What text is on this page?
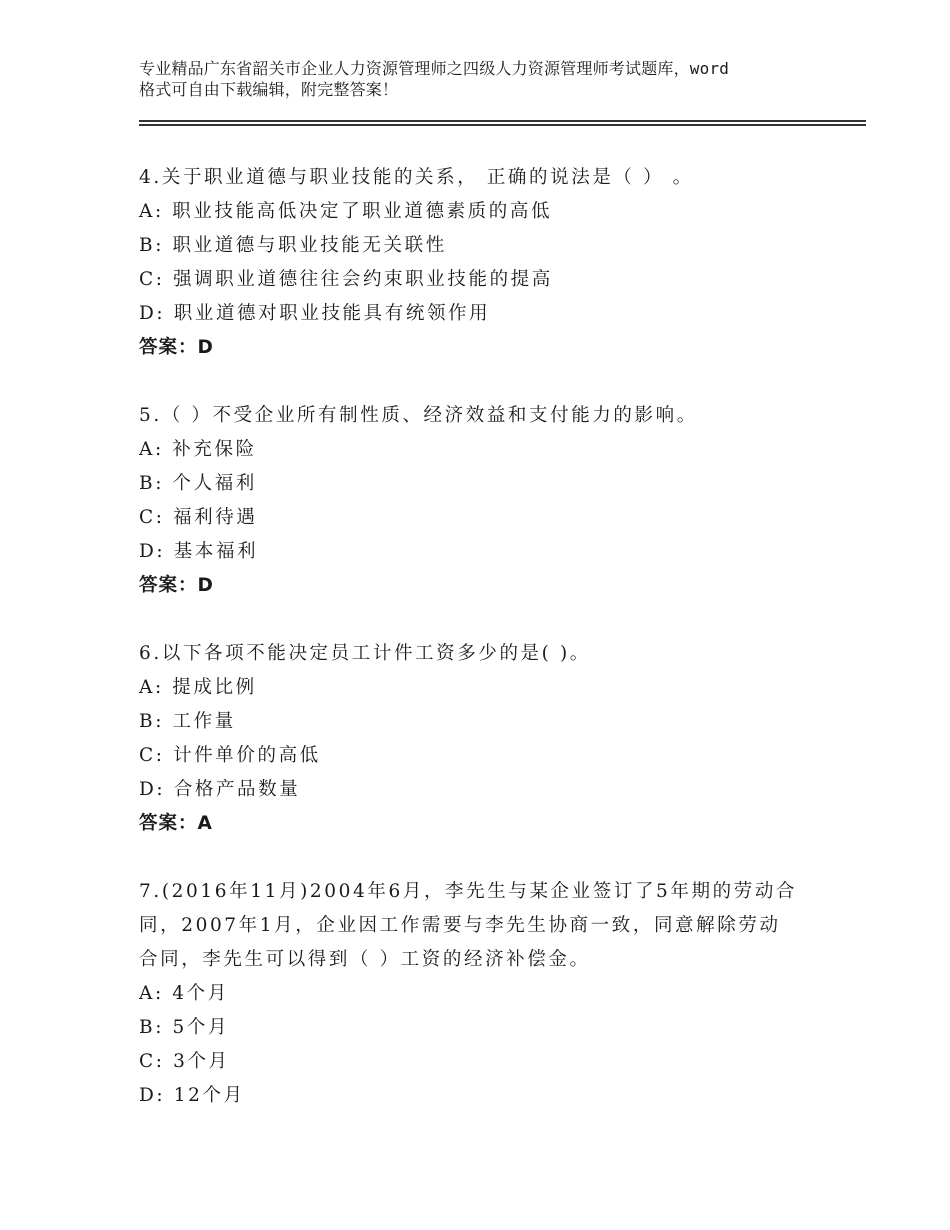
专业精品广东省韶关市企业人力资源管理师之四级人力资源管理师考试题库，word
格式可自由下载编辑，附完整答案！
4.关于职业道德与职业技能的关系， 正确的说法是（ ） 。
A: 职业技能高低决定了职业道德素质的高低
B: 职业道德与职业技能无关联性
C: 强调职业道德往往会约束职业技能的提高
D: 职业道德对职业技能具有统领作用
答案：D
5.（ ）不受企业所有制性质、经济效益和支付能力的影响。
A: 补充保险
B: 个人福利
C: 福利待遇
D: 基本福利
答案：D
6.以下各项不能决定员工计件工资多少的是( )。
A: 提成比例
B: 工作量
C: 计件单价的高低
D: 合格产品数量
答案：A
7.(2016年11月)2004年6月，李先生与某企业签订了5年期的劳动合
同，2007年1月，企业因工作需要与李先生协商一致，同意解除劳动
合同，李先生可以得到（ ）工资的经济补偿金。
A: 4个月
B: 5个月
C: 3个月
D: 12个月
